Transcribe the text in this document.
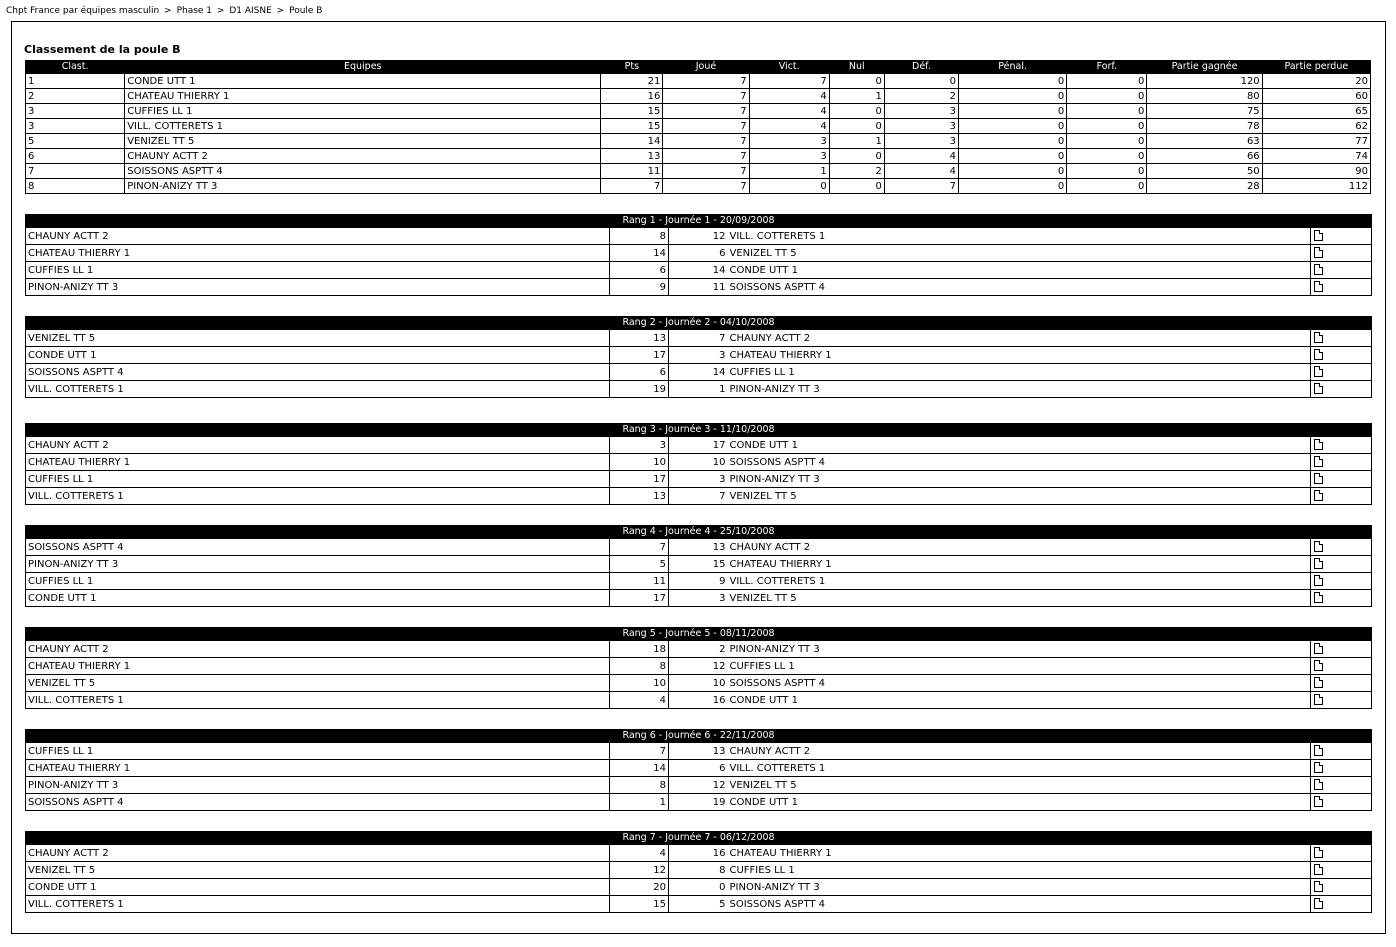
Chpt France par équipes masculin > Phase 1 > D1 AISNE > Poule B
Classement de la poule B
Clast.	Equipes	Pts	Joué	Vict.	Nul	Déf.	Pénal.	Forf.	Partie gagnée	Partie perdue
1	CONDE UTT 1	21	7	7	0	0	0	0	120	20
2	CHATEAU THIERRY 1	16	7	4	1	2	0	0	80	60
3	CUFFIES LL 1	15	7	4	0	3	0	0	75	65
3	VILL. COTTERETS 1	15	7	4	0	3	0	0	78	62
5	VENIZEL TT 5	14	7	3	1	3	0	0	63	77
6	CHAUNY ACTT 2	13	7	3	0	4	0	0	66	74
7	SOISSONS ASPTT 4	11	7	1	2	4	0	0	50	90
8	PINON-ANIZY TT 3	7	7	0	0	7	0	0	28	112
Rang 1 - Journée 1 - 20/09/2008				
CHAUNY ACTT 2	8	12	VILL. COTTERETS 1	
CHATEAU THIERRY 1	14	6	VENIZEL TT 5	
CUFFIES LL 1	6	14	CONDE UTT 1	
PINON-ANIZY TT 3	9	11	SOISSONS ASPTT 4	
Rang 2 - Journée 2 - 04/10/2008				
VENIZEL TT 5	13	7	CHAUNY ACTT 2	
CONDE UTT 1	17	3	CHATEAU THIERRY 1	
SOISSONS ASPTT 4	6	14	CUFFIES LL 1	
VILL. COTTERETS 1	19	1	PINON-ANIZY TT 3	
Rang 3 - Journée 3 - 11/10/2008				
CHAUNY ACTT 2	3	17	CONDE UTT 1	
CHATEAU THIERRY 1	10	10	SOISSONS ASPTT 4	
CUFFIES LL 1	17	3	PINON-ANIZY TT 3	
VILL. COTTERETS 1	13	7	VENIZEL TT 5	
Rang 4 - Journée 4 - 25/10/2008				
SOISSONS ASPTT 4	7	13	CHAUNY ACTT 2	
PINON-ANIZY TT 3	5	15	CHATEAU THIERRY 1	
CUFFIES LL 1	11	9	VILL. COTTERETS 1	
CONDE UTT 1	17	3	VENIZEL TT 5	
Rang 5 - Journée 5 - 08/11/2008				
CHAUNY ACTT 2	18	2	PINON-ANIZY TT 3	
CHATEAU THIERRY 1	8	12	CUFFIES LL 1	
VENIZEL TT 5	10	10	SOISSONS ASPTT 4	
VILL. COTTERETS 1	4	16	CONDE UTT 1	
Rang 6 - Journée 6 - 22/11/2008				
CUFFIES LL 1	7	13	CHAUNY ACTT 2	
CHATEAU THIERRY 1	14	6	VILL. COTTERETS 1	
PINON-ANIZY TT 3	8	12	VENIZEL TT 5	
SOISSONS ASPTT 4	1	19	CONDE UTT 1	
Rang 7 - Journée 7 - 06/12/2008				
CHAUNY ACTT 2	4	16	CHATEAU THIERRY 1	
VENIZEL TT 5	12	8	CUFFIES LL 1	
CONDE UTT 1	20	0	PINON-ANIZY TT 3	
VILL. COTTERETS 1	15	5	SOISSONS ASPTT 4	
